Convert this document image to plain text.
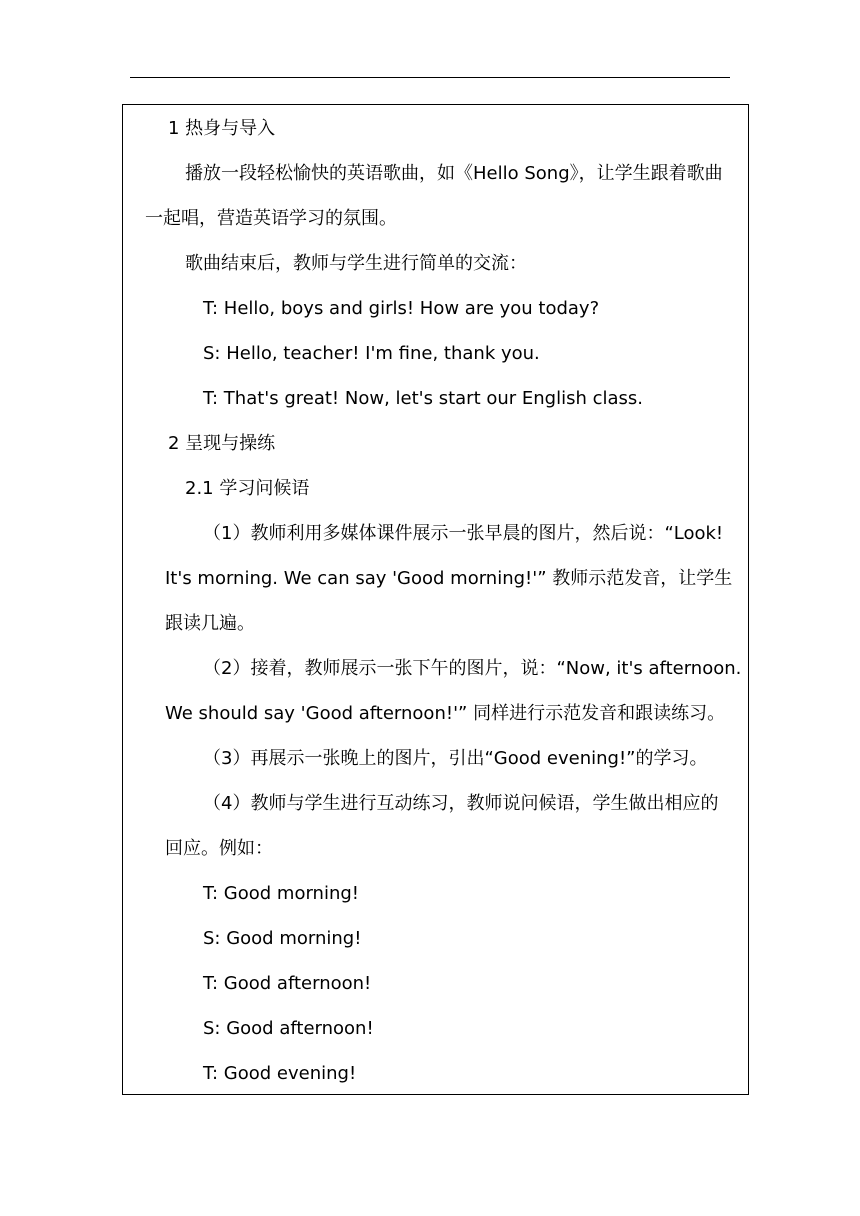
1 热身与导入
播放一段轻松愉快的英语歌曲，如《Hello Song》，让学生跟着歌曲
一起唱，营造英语学习的氛围。
歌曲结束后，教师与学生进行简单的交流：
T: Hello, boys and girls! How are you today?
S: Hello, teacher! I'm fine, thank you.
T: That's great! Now, let's start our English class.
2 呈现与操练
2.1 学习问候语
（1）教师利用多媒体课件展示一张早晨的图片，然后说：“Look!
It's morning. We can say 'Good morning!'” 教师示范发音，让学生
跟读几遍。
（2）接着，教师展示一张下午的图片，说：“Now, it's afternoon.
We should say 'Good afternoon!'” 同样进行示范发音和跟读练习。
（3）再展示一张晚上的图片，引出“Good evening!”的学习。
（4）教师与学生进行互动练习，教师说问候语，学生做出相应的
回应。例如：
T: Good morning!
S: Good morning!
T: Good afternoon!
S: Good afternoon!
T: Good evening!
